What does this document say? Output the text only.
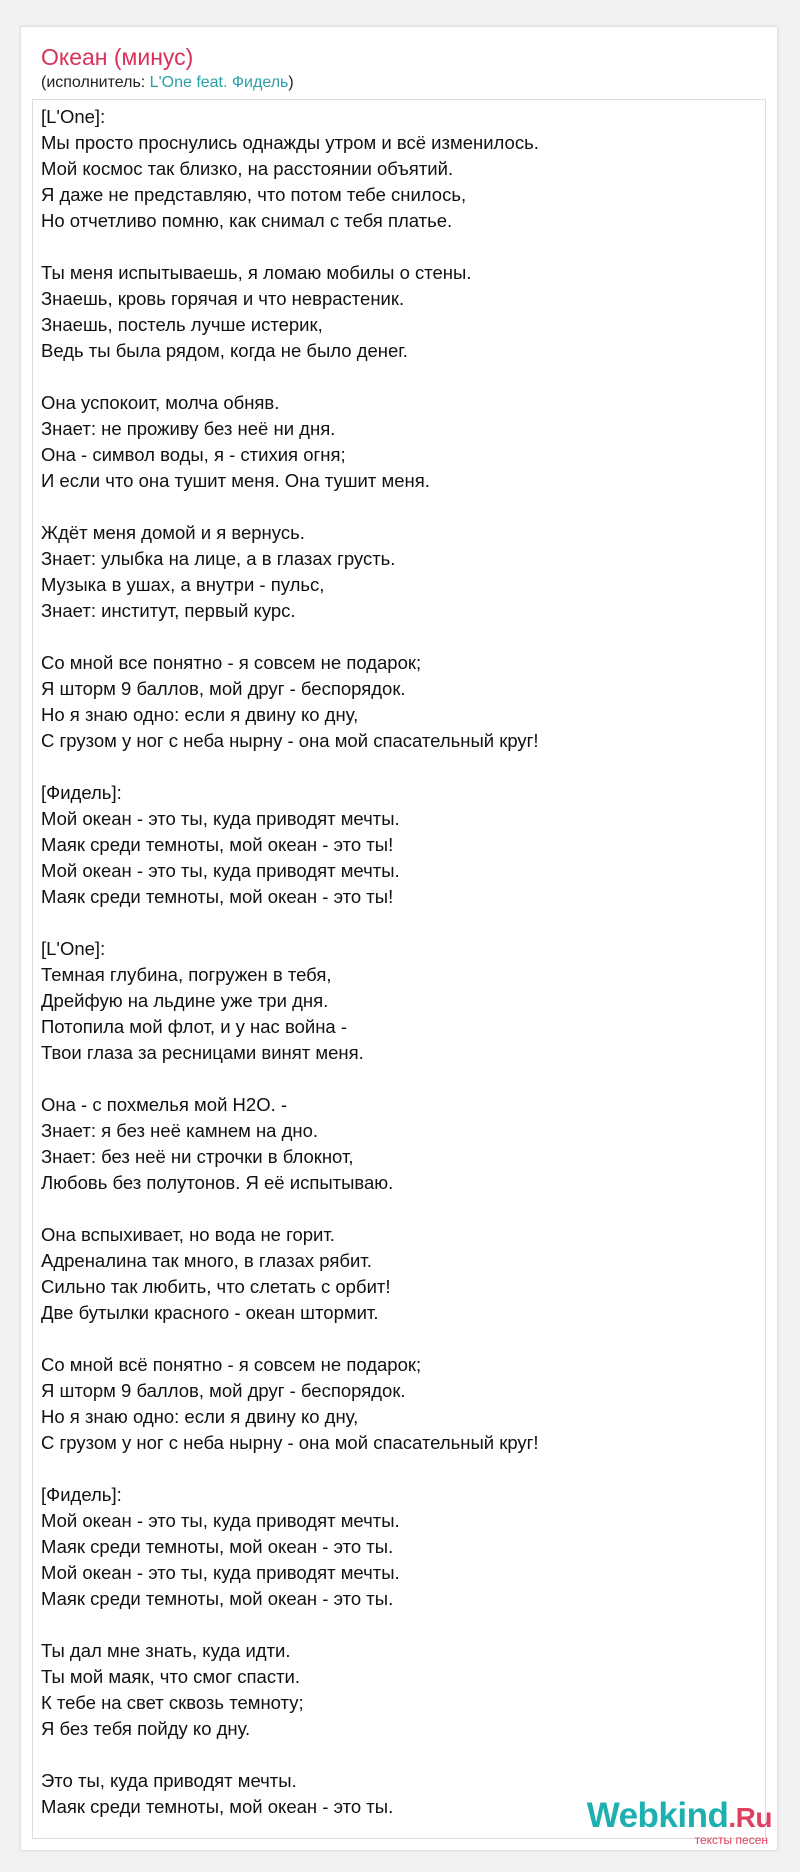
Океан (минус)
(исполнитель: L'One feat. Фидель)
[L'One]:
Мы просто проснулись однажды утром и всё изменилось.
Мой космос так близко, на расстоянии объятий.
Я даже не представляю, что потом тебе снилось,
Но отчетливо помню, как снимал с тебя платье.
Ты меня испытываешь, я ломаю мобилы о стены.
Знаешь, кровь горячая и что неврастеник.
Знаешь, постель лучше истерик,
Ведь ты была рядом, когда не было денег.
Она успокоит, молча обняв.
Знает: не проживу без неё ни дня.
Она - символ воды, я - стихия огня;
И если что она тушит меня. Она тушит меня.
Ждёт меня домой и я вернусь.
Знает: улыбка на лице, а в глазах грусть.
Музыка в ушах, а внутри - пульс,
Знает: институт, первый курс.
Со мной все понятно - я совсем не подарок;
Я шторм 9 баллов, мой друг - беспорядок.
Но я знаю одно: если я двину ко дну,
С грузом у ног с неба нырну - она мой спасательный круг!
[Фидель]:
Мой океан - это ты, куда приводят мечты.
Маяк среди темноты, мой океан - это ты!
Мой океан - это ты, куда приводят мечты.
Маяк среди темноты, мой океан - это ты!
[L'One]:
Темная глубина, погружен в тебя,
Дрейфую на льдине уже три дня.
Потопила мой флот, и у нас война -
Твои глаза за ресницами винят меня.
Она - с похмелья мой H2O. -
Знает: я без неё камнем на дно.
Знает: без неё ни строчки в блокнот,
Любовь без полутонов. Я её испытываю.
Она вспыхивает, но вода не горит.
Адреналина так много, в глазах рябит.
Сильно так любить, что слетать с орбит!
Две бутылки красного - океан штормит.
Со мной всё понятно - я совсем не подарок;
Я шторм 9 баллов, мой друг - беспорядок.
Но я знаю одно: если я двину ко дну,
С грузом у ног с неба нырну - она мой спасательный круг!
[Фидель]:
Мой океан - это ты, куда приводят мечты.
Маяк среди темноты, мой океан - это ты.
Мой океан - это ты, куда приводят мечты.
Маяк среди темноты, мой океан - это ты.
Ты дал мне знать, куда идти.
Ты мой маяк, что смог спасти.
К тебе на свет сквозь темноту;
Я без тебя пойду ко дну.
Это ты, куда приводят мечты.
Маяк среди темноты, мой океан - это ты.	Webkind.Ru
тексты песен
